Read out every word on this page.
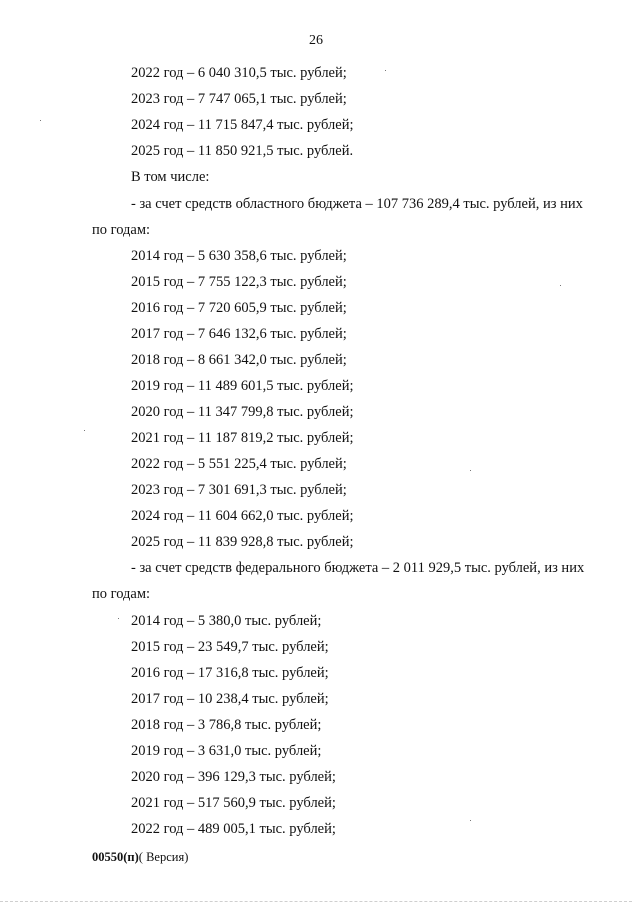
26
2022 год – 6 040 310,5 тыс. рублей;
2023 год – 7 747 065,1 тыс. рублей;
2024 год – 11 715 847,4 тыс. рублей;
2025 год – 11 850 921,5 тыс. рублей.
В том числе:
- за счет средств областного бюджета – 107 736 289,4 тыс. рублей, из них
по годам:
2014 год – 5 630 358,6 тыс. рублей;
2015 год – 7 755 122,3 тыс. рублей;
2016 год – 7 720 605,9 тыс. рублей;
2017 год – 7 646 132,6 тыс. рублей;
2018 год – 8 661 342,0 тыс. рублей;
2019 год – 11 489 601,5 тыс. рублей;
2020 год – 11 347 799,8 тыс. рублей;
2021 год – 11 187 819,2 тыс. рублей;
2022 год – 5 551 225,4 тыс. рублей;
2023 год – 7 301 691,3 тыс. рублей;
2024 год – 11 604 662,0 тыс. рублей;
2025 год – 11 839 928,8 тыс. рублей;
- за счет средств федерального бюджета – 2 011 929,5 тыс. рублей, из них
по годам:
2014 год – 5 380,0 тыс. рублей;
2015 год – 23 549,7 тыс. рублей;
2016 год – 17 316,8 тыс. рублей;
2017 год – 10 238,4 тыс. рублей;
2018 год – 3 786,8 тыс. рублей;
2019 год – 3 631,0 тыс. рублей;
2020 год – 396 129,3 тыс. рублей;
2021 год – 517 560,9 тыс. рублей;
2022 год – 489 005,1 тыс. рублей;
00550(п)( Версия)
